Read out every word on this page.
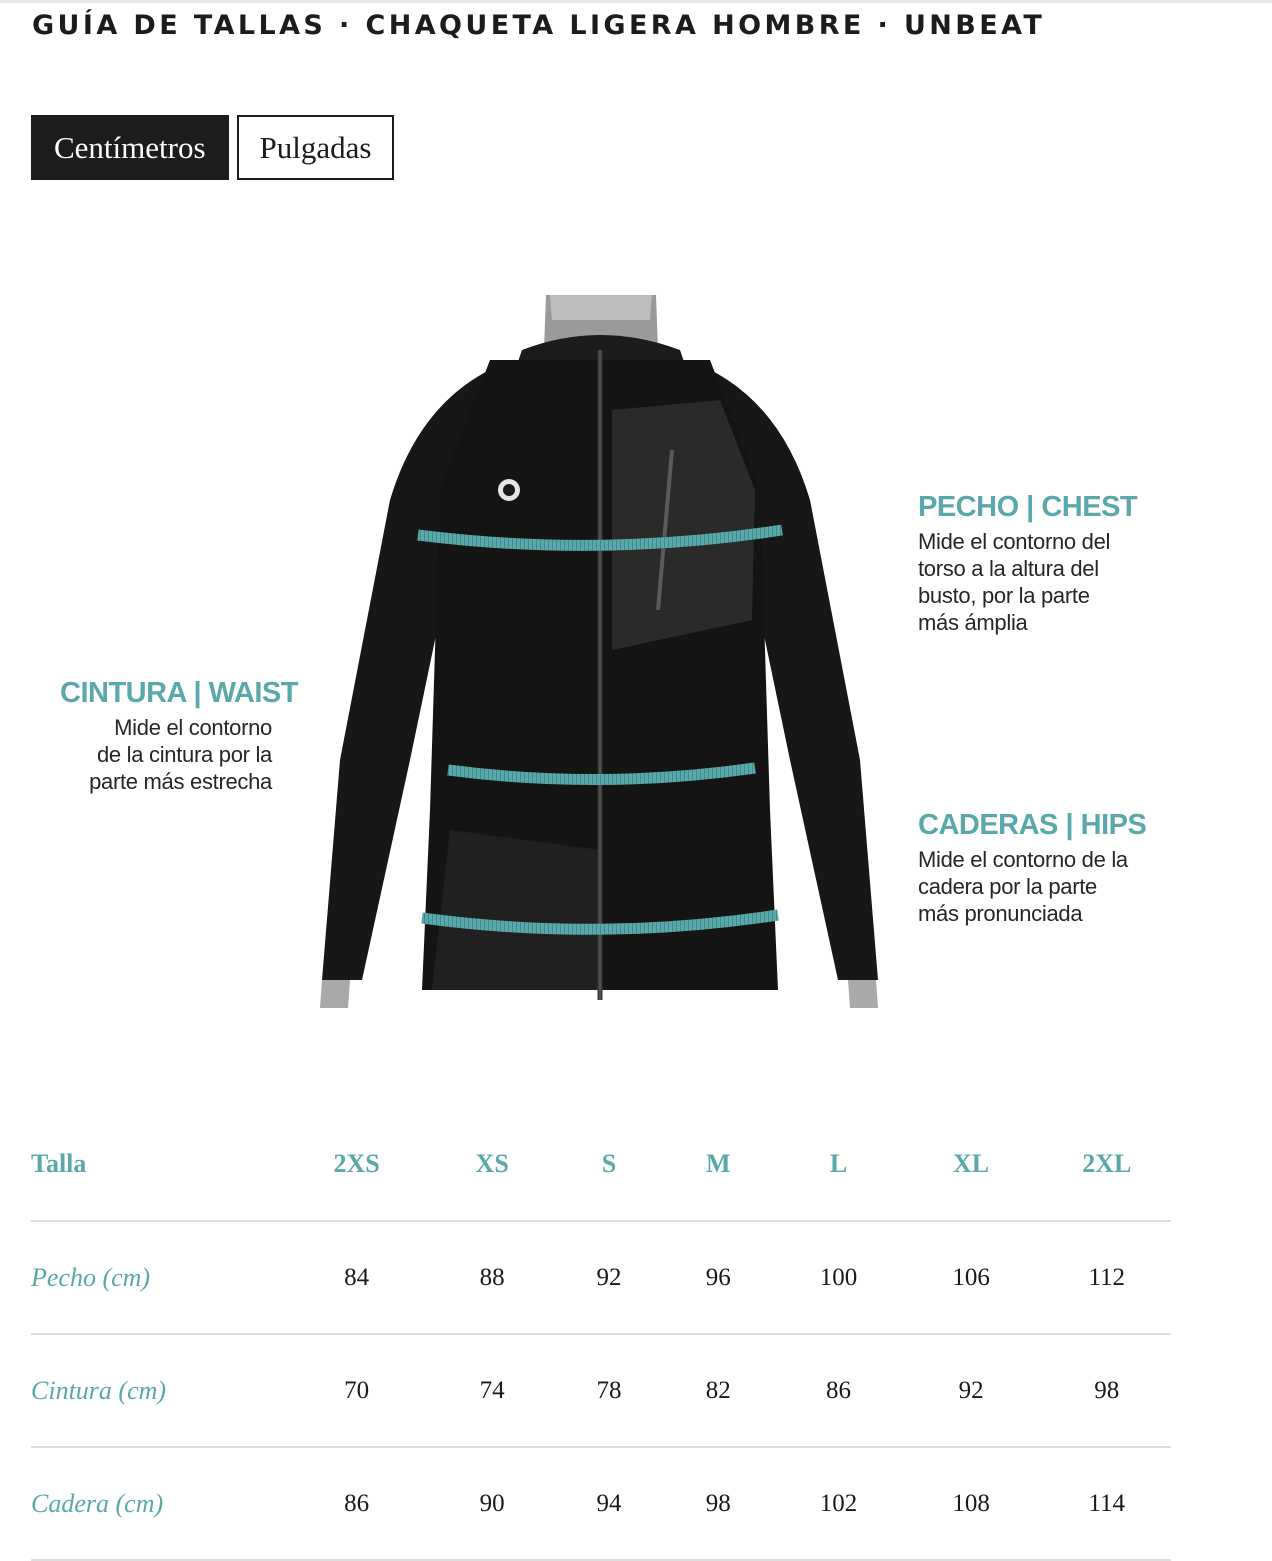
GUÍA DE TALLAS · CHAQUETA LIGERA HOMBRE · UNBEAT
Centímetros	Pulgadas
PECHO | CHEST
Mide el contorno del
torso a la altura del
busto, por la parte
más ámplia
CINTURA | WAIST
Mide el contorno
de la cintura por la
parte más estrecha
CADERAS | HIPS
Mide el contorno de la
cadera por la parte
más pronunciada
Talla	2XS	XS	S	M	L	XL	2XL
Pecho (cm)	84	88	92	96	100	106	112
Cintura (cm)	70	74	78	82	86	92	98
Cadera (cm)	86	90	94	98	102	108	114
